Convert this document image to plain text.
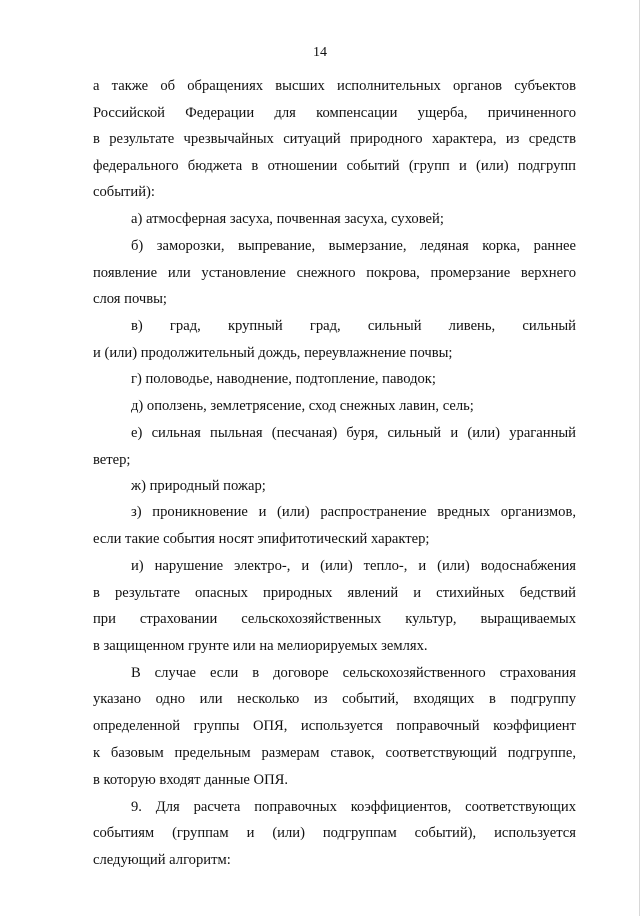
14
а также об обращениях высших исполнительных органов субъектов
Российской Федерации для компенсации ущерба, причиненного
в результате чрезвычайных ситуаций природного характера, из средств
федерального бюджета в отношении событий (групп и (или) подгрупп
событий):
а) атмосферная засуха, почвенная засуха, суховей;
б) заморозки, выпревание, вымерзание, ледяная корка, раннее
появление или установление снежного покрова, промерзание верхнего
слоя почвы;
в) град, крупный град, сильный ливень, сильный
и (или) продолжительный дождь, переувлажнение почвы;
г) половодье, наводнение, подтопление, паводок;
д) оползень, землетрясение, сход снежных лавин, сель;
е) сильная пыльная (песчаная) буря, сильный и (или) ураганный
ветер;
ж) природный пожар;
з) проникновение и (или) распространение вредных организмов,
если такие события носят эпифитотический характер;
и) нарушение электро-, и (или) тепло-, и (или) водоснабжения
в результате опасных природных явлений и стихийных бедствий
при страховании сельскохозяйственных культур, выращиваемых
в защищенном грунте или на мелиорируемых землях.
В случае если в договоре сельскохозяйственного страхования
указано одно или несколько из событий, входящих в подгруппу
определенной группы ОПЯ, используется поправочный коэффициент
к базовым предельным размерам ставок, соответствующий подгруппе,
в которую входят данные ОПЯ.
9. Для расчета поправочных коэффициентов, соответствующих
событиям (группам и (или) подгруппам событий), используется
следующий алгоритм:
